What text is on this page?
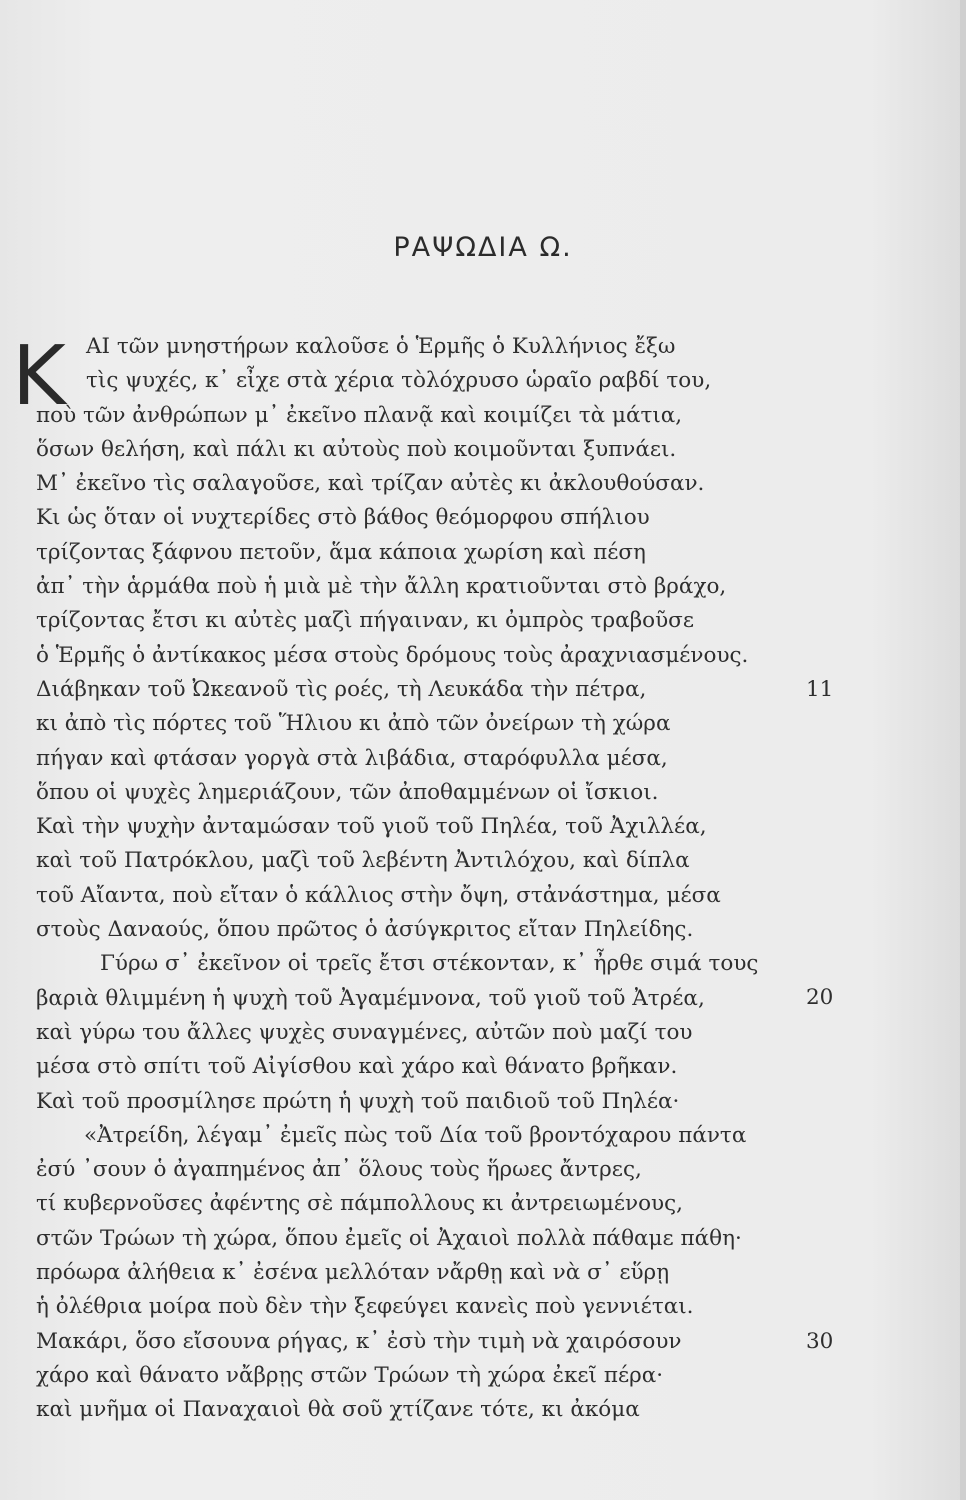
ΡΑΨΩΔΙΑ Ω.
Κ ΑΙ τῶν μνηστήρων καλοῦσε ὁ Ἑρμῆς ὁ Κυλλήνιος ἔξω
τὶς ψυχές, κ᾽ εἶχε στὰ χέρια τὸλόχρυσο ὡραῖο ραβδί του,
ποὺ τῶν ἀνθρώπων μ᾽ ἐκεῖνο πλανᾷ καὶ κοιμίζει τὰ μάτια,
ὅσων θελήση, καὶ πάλι κι αὐτοὺς ποὺ κοιμοῦνται ξυπνάει.
Μ᾽ ἐκεῖνο τὶς σαλαγοῦσε, καὶ τρίζαν αὐτὲς κι ἀκλουθούσαν.
Κι ὡς ὅταν οἱ νυχτερίδες στὸ βάθος θεόμορφου σπήλιου
τρίζοντας ξάφνου πετοῦν, ἅμα κάποια χωρίση καὶ πέση
ἀπ᾽ τὴν ἁρμάθα ποὺ ἡ μιὰ μὲ τὴν ἄλλη κρατιοῦνται στὸ βράχο,
τρίζοντας ἔτσι κι αὐτὲς μαζὶ πήγαιναν, κι ὀμπρὸς τραβοῦσε
ὁ Ἑρμῆς ὁ ἀντίκακος μέσα στοὺς δρόμους τοὺς ἀραχνιασμένους.
Διάβηκαν τοῦ Ὠκεανοῦ τὶς ροές, τὴ Λευκάδα τὴν πέτρα,
κι ἀπὸ τὶς πόρτες τοῦ Ἥλιου κι ἀπὸ τῶν ὀνείρων τὴ χώρα
πήγαν καὶ φτάσαν γοργὰ στὰ λιβάδια, σταρόφυλλα μέσα,
ὅπου οἱ ψυχὲς λημεριάζουν, τῶν ἀποθαμμένων οἱ ἴσκιοι.
Καὶ τὴν ψυχὴν ἀνταμώσαν τοῦ γιοῦ τοῦ Πηλέα, τοῦ Ἀχιλλέα,
καὶ τοῦ Πατρόκλου, μαζὶ τοῦ λεβέντη Ἀντιλόχου, καὶ δίπλα
τοῦ Αἴαντα, ποὺ εἴταν ὁ κάλλιος στὴν ὄψη, στἀνάστημα, μέσα
στοὺς Δαναούς, ὅπου πρῶτος ὁ ἀσύγκριτος εἴταν Πηλείδης.
Γύρω σ᾽ ἐκεῖνον οἱ τρεῖς ἔτσι στέκονταν, κ᾽ ἦρθε σιμά τους
βαριὰ θλιμμένη ἡ ψυχὴ τοῦ Ἀγαμέμνονα, τοῦ γιοῦ τοῦ Ἀτρέα,
καὶ γύρω του ἄλλες ψυχὲς συναγμένες, αὐτῶν ποὺ μαζί του
μέσα στὸ σπίτι τοῦ Αἰγίσθου καὶ χάρο καὶ θάνατο βρῆκαν.
Καὶ τοῦ προσμίλησε πρώτη ἡ ψυχὴ τοῦ παιδιοῦ τοῦ Πηλέα·
«Ἀτρείδη, λέγαμ᾽ ἐμεῖς πὼς τοῦ Δία τοῦ βροντόχαρου πάντα
ἐσύ ᾽σουν ὁ ἀγαπημένος ἀπ᾽ ὅλους τοὺς ἥρωες ἄντρες,
τί κυβερνοῦσες ἀφέντης σὲ πάμπολλους κι ἀντρειωμένους,
στῶν Τρώων τὴ χώρα, ὅπου ἐμεῖς οἱ Ἀχαιοὶ πολλὰ πάθαμε πάθη·
πρόωρα ἀλήθεια κ᾽ ἐσένα μελλόταν νἄρθῃ καὶ νὰ σ᾽ εὕρῃ
ἡ ὀλέθρια μοίρα ποὺ δὲν τὴν ξεφεύγει κανεὶς ποὺ γεννιέται.
Μακάρι, ὅσο εἴσουνα ρήγας, κ᾽ ἐσὺ τὴν τιμὴ νὰ χαιρόσουν
χάρο καὶ θάνατο νἄβρῃς στῶν Τρώων τὴ χώρα ἐκεῖ πέρα·
καὶ μνῆμα οἱ Παναχαιοὶ θὰ σοῦ χτίζανε τότε, κι ἀκόμα
11
20
30
